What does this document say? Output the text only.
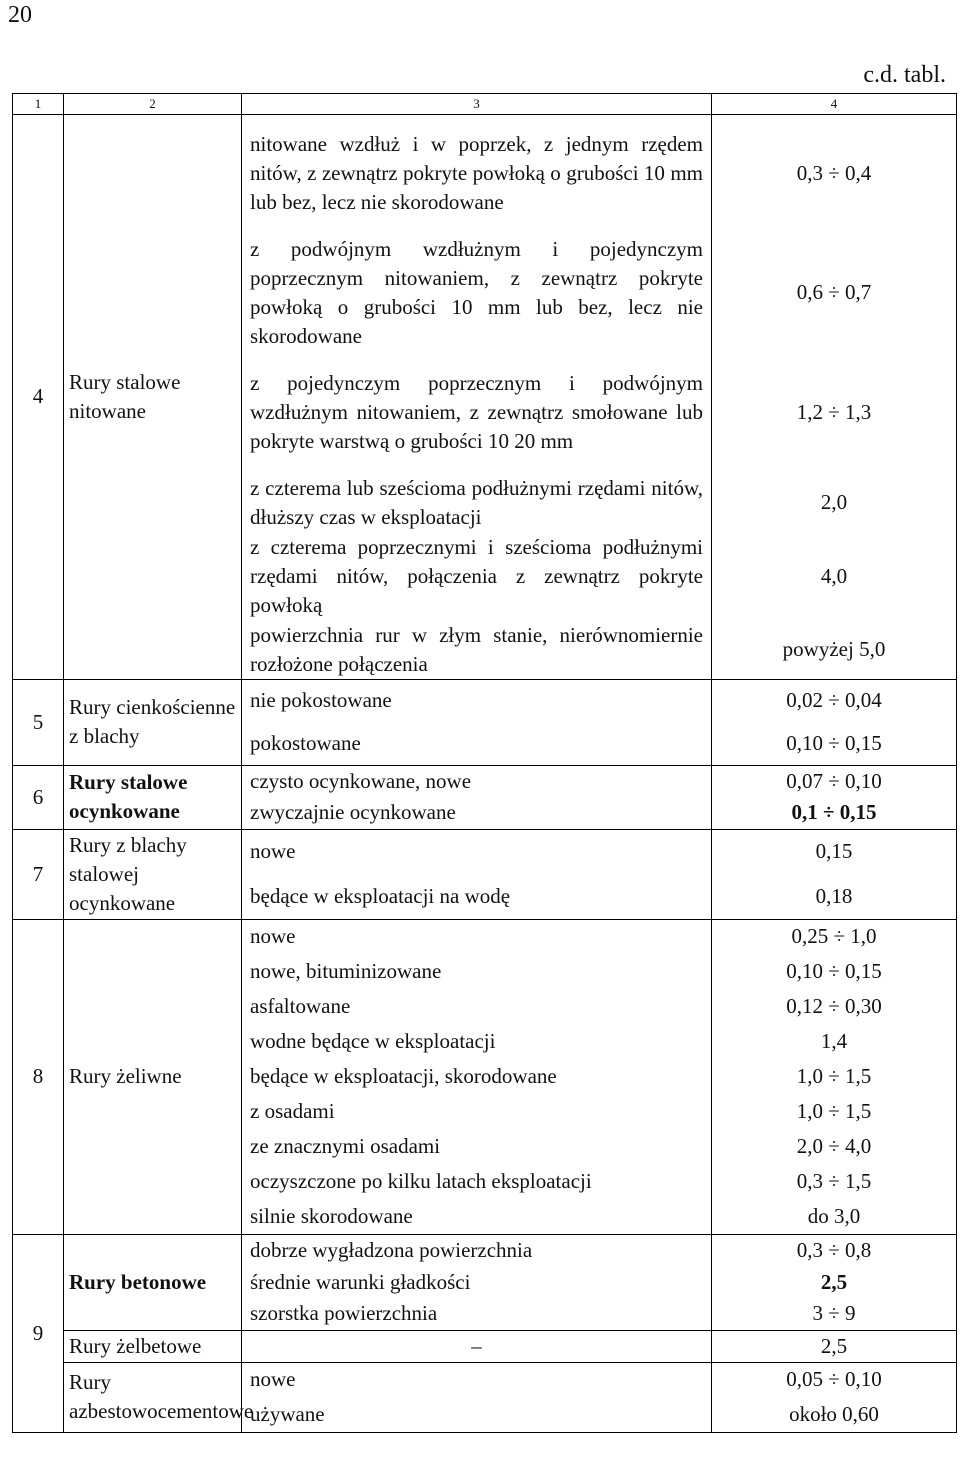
20
c.d. tabl.
1	2	3	4
4	Rury stalowe nitowane	nitowane wzdłuż i w poprzek, z jednym rzędem nitów, z zewnątrz pokryte powłoką o grubości 10 mm lub bez, lecz nie skorodowane	0,3 ÷ 0,4
		z podwójnym wzdłużnym i pojedynczym poprzecznym nitowaniem, z zewnątrz pokryte powłoką o grubości 10 mm lub bez, lecz nie skorodowane	0,6 ÷ 0,7
		z pojedynczym poprzecznym i podwójnym wzdłużnym nitowaniem, z zewnątrz smołowane lub pokryte warstwą o grubości 10 20 mm	1,2 ÷ 1,3
		z czterema lub sześcioma podłużnymi rzędami nitów, dłuższy czas w eksploatacji	2,0
		z czterema poprzecznymi i sześcioma podłużnymi rzędami nitów, połączenia z zewnątrz pokryte powłoką	4,0
		powierzchnia rur w złym stanie, nierównomiernie rozłożone połączenia	powyżej 5,0
5	Rury cienkościenne z blachy	nie pokostowane	0,02 ÷ 0,04
		pokostowane	0,10 ÷ 0,15
6	Rury stalowe ocynkowane	czysto ocynkowane, nowe	0,07 ÷ 0,10
		zwyczajnie ocynkowane	0,1 ÷ 0,15
7	Rury z blachy stalowej ocynkowane	nowe	0,15
		będące w eksploatacji na wodę	0,18
8	Rury żeliwne	nowe	0,25 ÷ 1,0
		nowe, bituminizowane	0,10 ÷ 0,15
		asfaltowane	0,12 ÷ 0,30
		wodne będące w eksploatacji	1,4
		będące w eksploatacji, skorodowane	1,0 ÷ 1,5
		z osadami	1,0 ÷ 1,5
		ze znacznymi osadami	2,0 ÷ 4,0
		oczyszczone po kilku latach eksploatacji	0,3 ÷ 1,5
		silnie skorodowane	do 3,0
9	Rury betonowe	dobrze wygładzona powierzchnia	0,3 ÷ 0,8
		średnie warunki gładkości	2,5
		szorstka powierzchnia	3 ÷ 9
	Rury żelbetowe	–	2,5
	Rury azbestowocementowe	nowe	0,05 ÷ 0,10
		używane	około 0,60
